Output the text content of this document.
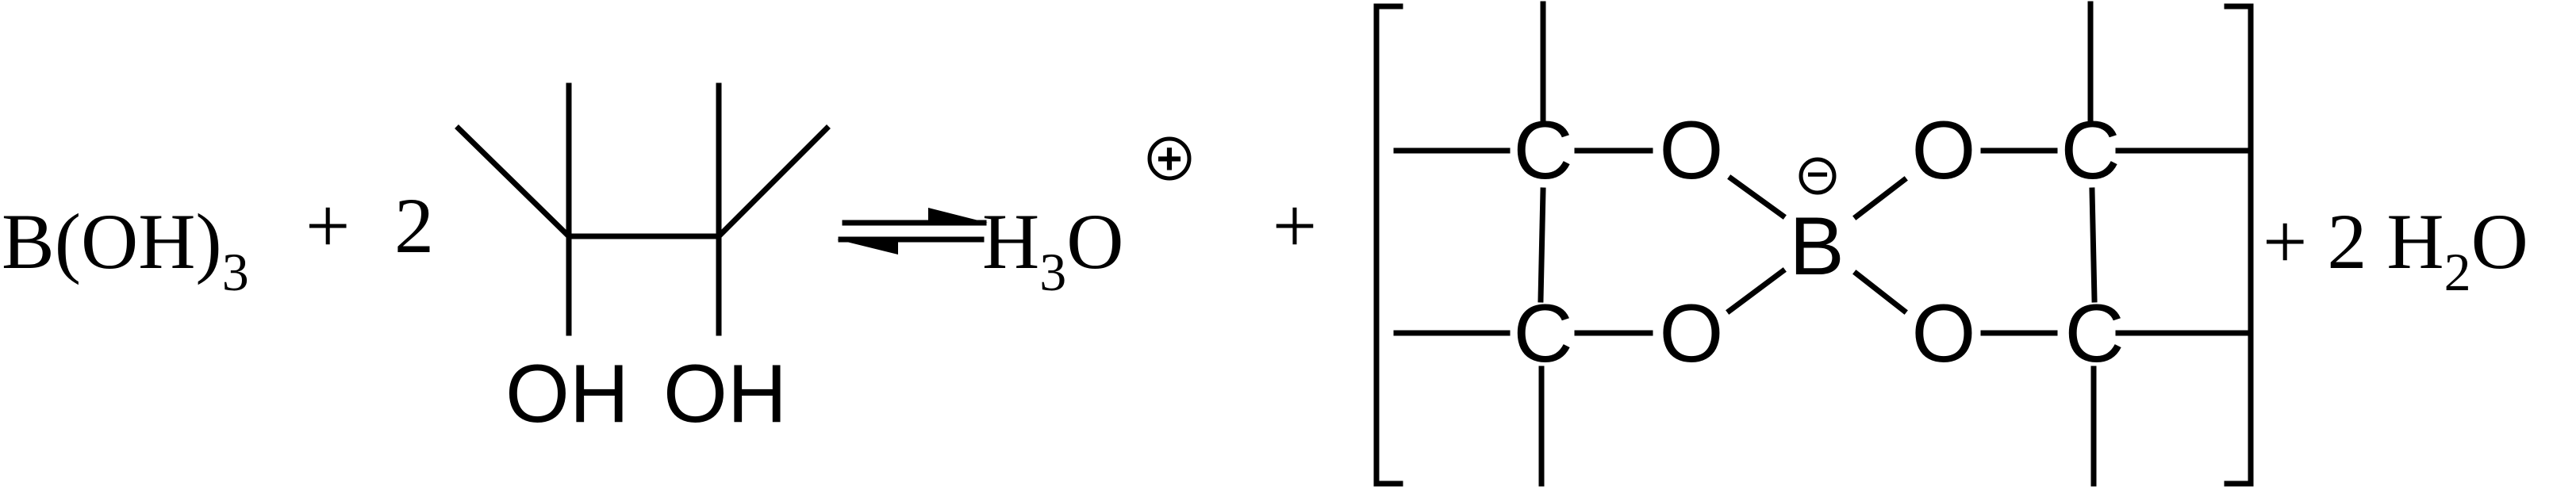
$B(OH)_3$
+ 2
OH OH
$H_3O$
+
+
C
C
O
O
B
O
O
C
C
−
+ 2 $H_2O$
